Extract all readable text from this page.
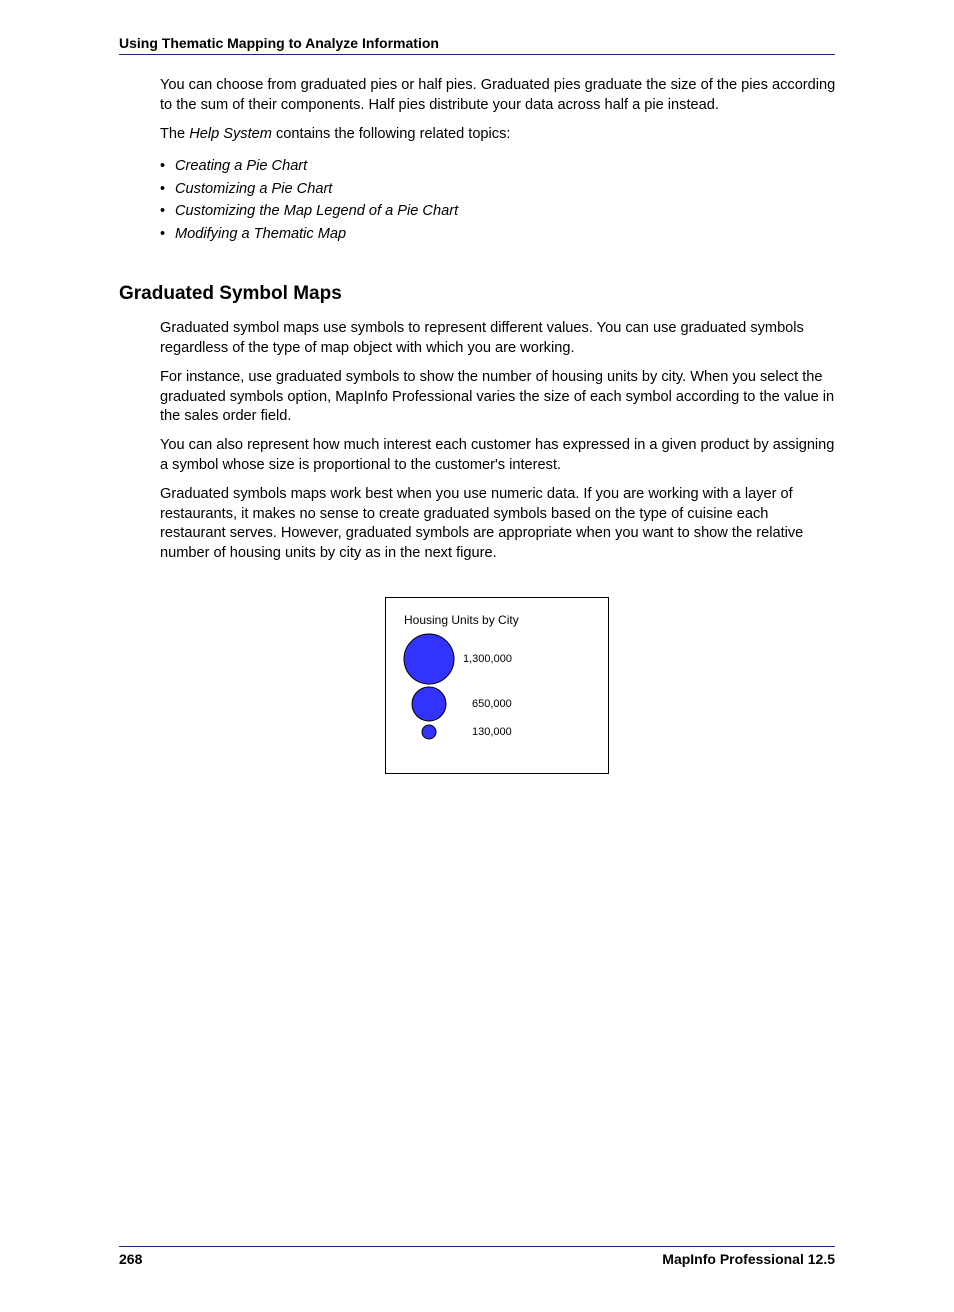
Using Thematic Mapping to Analyze Information

You can choose from graduated pies or half pies. Graduated pies graduate the size of the pies according to the sum of their components. Half pies distribute your data across half a pie instead.

The Help System contains the following related topics:

• Creating a Pie Chart
• Customizing a Pie Chart
• Customizing the Map Legend of a Pie Chart
• Modifying a Thematic Map
Graduated Symbol Maps

Graduated symbol maps use symbols to represent different values. You can use graduated symbols regardless of the type of map object with which you are working.

For instance, use graduated symbols to show the number of housing units by city. When you select the graduated symbols option, MapInfo Professional varies the size of each symbol according to the value in the sales order field.

You can also represent how much interest each customer has expressed in a given product by assigning a symbol whose size is proportional to the customer's interest.

Graduated symbols maps work best when you use numeric data. If you are working with a layer of restaurants, it makes no sense to create graduated symbols based on the type of cuisine each restaurant serves. However, graduated symbols are appropriate when you want to show the relative number of housing units by city as in the next figure.

Housing Units by City
1,300,000
650,000
130,000
268	MapInfo Professional 12.5
